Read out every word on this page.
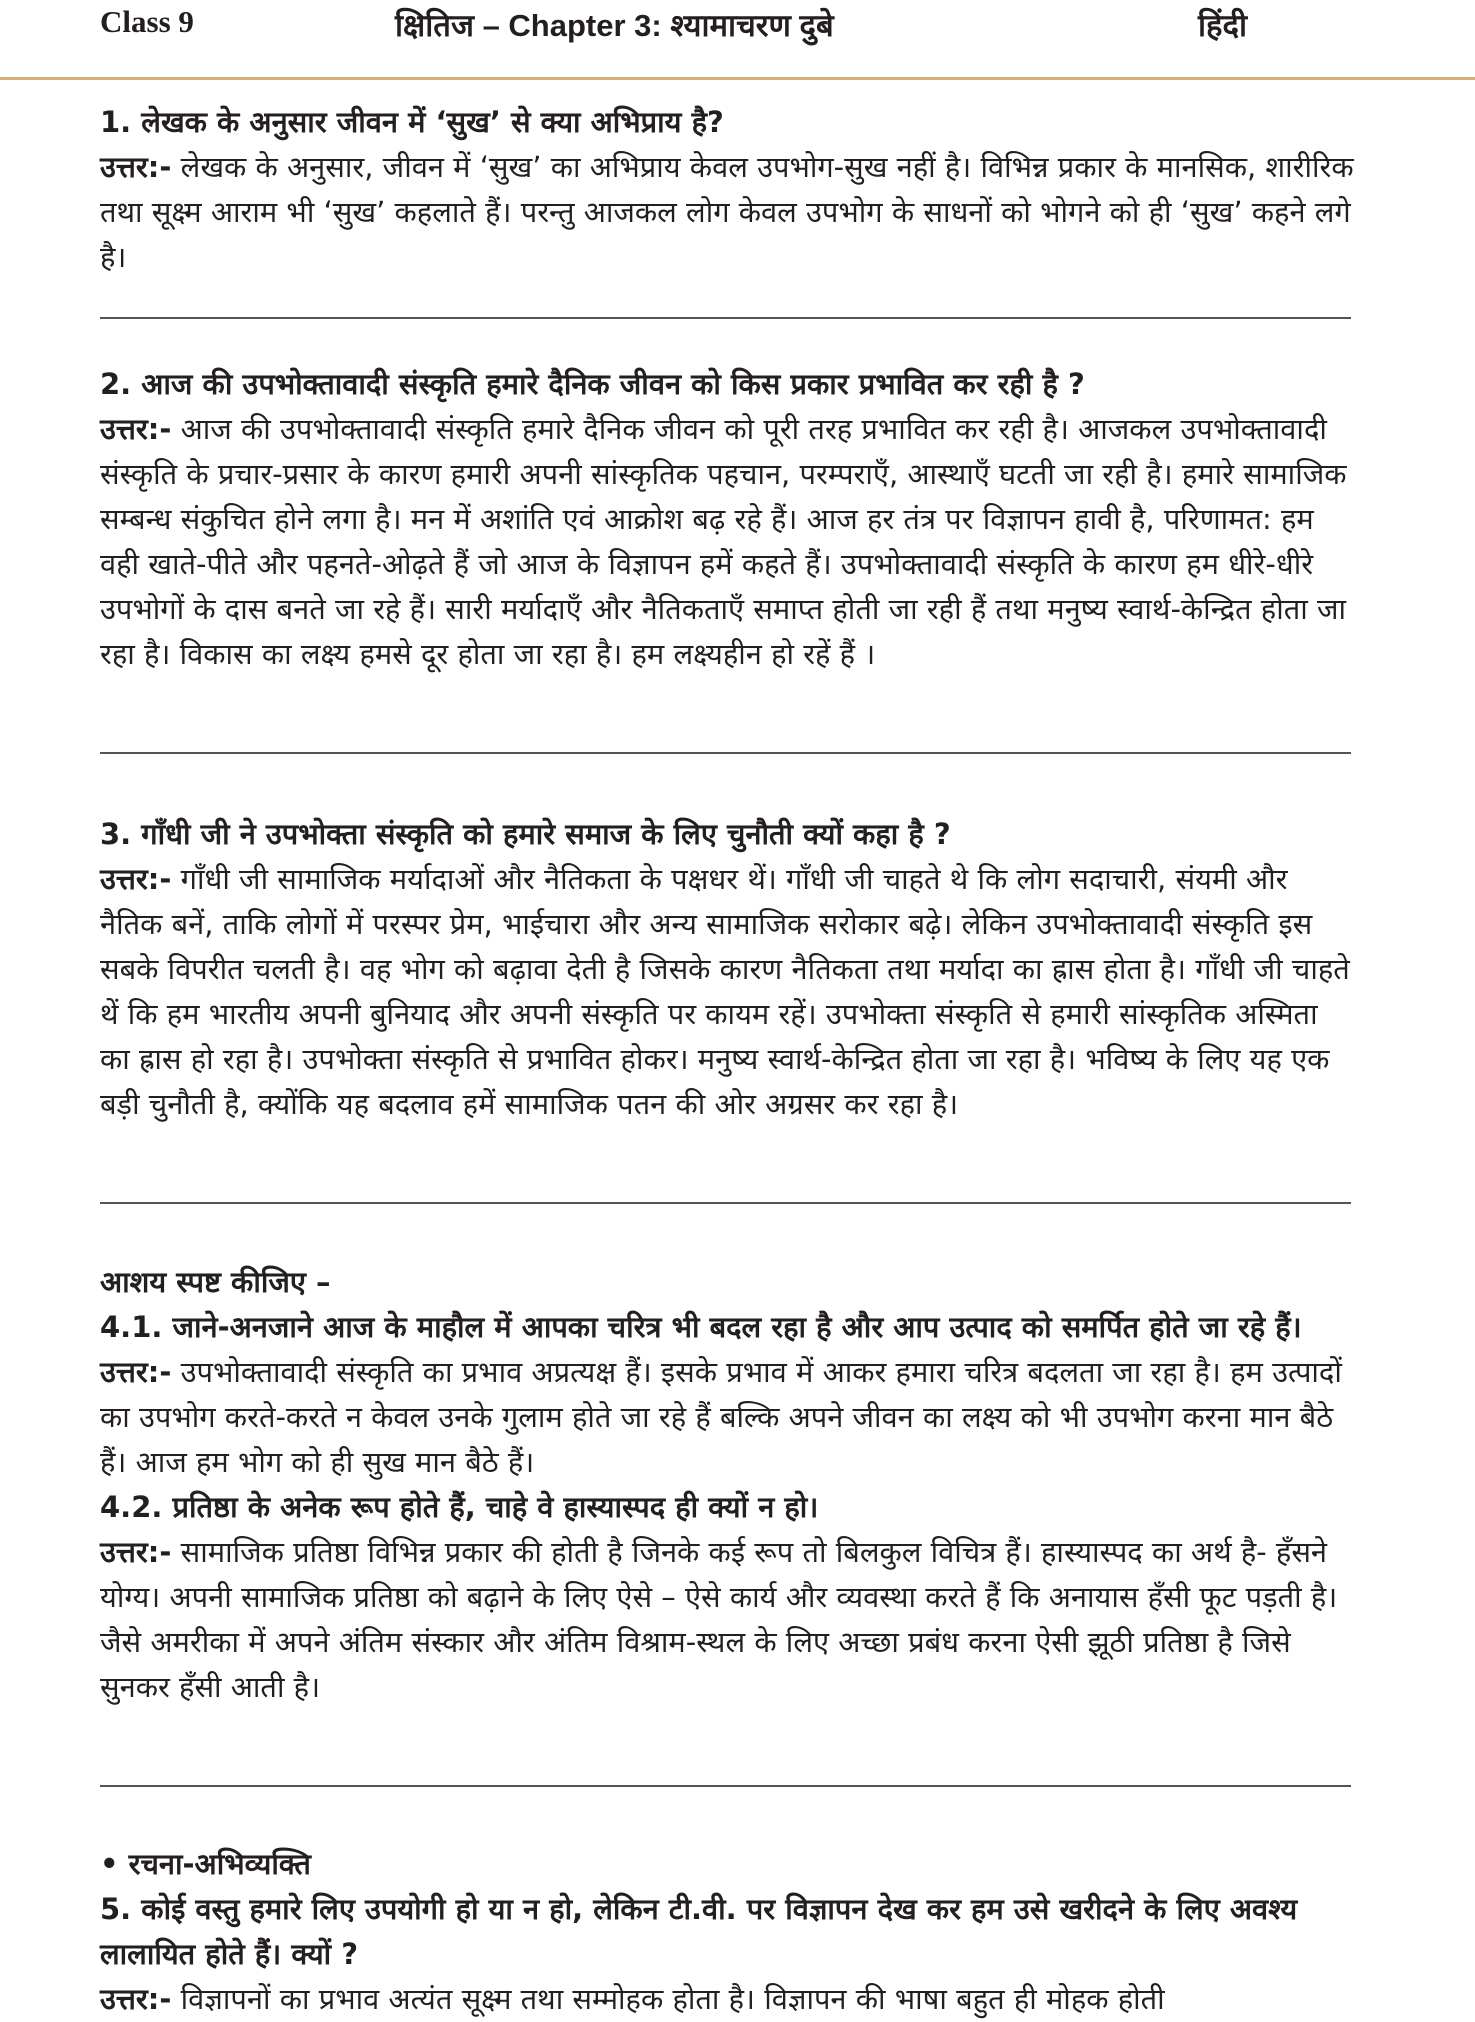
Class 9	क्षितिज – Chapter 3: श्यामाचरण दुबे	हिंदी

1. लेखक के अनुसार जीवन में ‘सुख’ से क्या अभिप्राय है?

उत्तर:- लेखक के अनुसार, जीवन में ‘सुख’ का अभिप्राय केवल उपभोग-सुख नहीं है। विभिन्न प्रकार के मानसिक, शारीरिक तथा सूक्ष्म आराम भी ‘सुख’ कहलाते हैं। परन्तु आजकल लोग केवल उपभोग के साधनों को भोगने को ही ‘सुख’ कहने लगे है।

2. आज की उपभोक्तावादी संस्कृति हमारे दैनिक जीवन को किस प्रकार प्रभावित कर रही है ?

उत्तर:- आज की उपभोक्तावादी संस्कृति हमारे दैनिक जीवन को पूरी तरह प्रभावित कर रही है। आजकल उपभोक्तावादी संस्कृति के प्रचार-प्रसार के कारण हमारी अपनी सांस्कृतिक पहचान, परम्पराएँ, आस्थाएँ घटती जा रही है। हमारे सामाजिक सम्बन्ध संकुचित होने लगा है। मन में अशांति एवं आक्रोश बढ़ रहे हैं। आज हर तंत्र पर विज्ञापन हावी है, परिणामत: हम वही खाते-पीते और पहनते-ओढ़ते हैं जो आज के विज्ञापन हमें कहते हैं। उपभोक्तावादी संस्कृति के कारण हम धीरे-धीरे उपभोगों के दास बनते जा रहे हैं। सारी मर्यादाएँ और नैतिकताएँ समाप्त होती जा रही हैं तथा मनुष्य स्वार्थ-केन्द्रित होता जा रहा है। विकास का लक्ष्य हमसे दूर होता जा रहा है। हम लक्ष्यहीन हो रहें हैं ।

3. गाँधी जी ने उपभोक्ता संस्कृति को हमारे समाज के लिए चुनौती क्यों कहा है ?

उत्तर:- गाँधी जी सामाजिक मर्यादाओं और नैतिकता के पक्षधर थें। गाँधी जी चाहते थे कि लोग सदाचारी, संयमी और नैतिक बनें, ताकि लोगों में परस्पर प्रेम, भाईचारा और अन्य सामाजिक सरोकार बढ़े। लेकिन उपभोक्तावादी संस्कृति इस सबके विपरीत चलती है। वह भोग को बढ़ावा देती है जिसके कारण नैतिकता तथा मर्यादा का ह्रास होता है। गाँधी जी चाहते थें कि हम भारतीय अपनी बुनियाद और अपनी संस्कृति पर कायम रहें। उपभोक्ता संस्कृति से हमारी सांस्कृतिक अस्मिता का ह्रास हो रहा है। उपभोक्ता संस्कृति से प्रभावित होकर। मनुष्य स्वार्थ-केन्द्रित होता जा रहा है। भविष्य के लिए यह एक बड़ी चुनौती है, क्योंकि यह बदलाव हमें सामाजिक पतन की ओर अग्रसर कर रहा है।

आशय स्पष्ट कीजिए –

4.1. जाने-अनजाने आज के माहौल में आपका चरित्र भी बदल रहा है और आप उत्पाद को समर्पित होते जा रहे हैं।

उत्तर:- उपभोक्तावादी संस्कृति का प्रभाव अप्रत्यक्ष हैं। इसके प्रभाव में आकर हमारा चरित्र बदलता जा रहा है। हम उत्पादों का उपभोग करते-करते न केवल उनके गुलाम होते जा रहे हैं बल्कि अपने जीवन का लक्ष्य को भी उपभोग करना मान बैठे हैं। आज हम भोग को ही सुख मान बैठे हैं।

4.2. प्रतिष्ठा के अनेक रूप होते हैं, चाहे वे हास्यास्पद ही क्यों न हो।

उत्तर:- सामाजिक प्रतिष्ठा विभिन्न प्रकार की होती है जिनके कई रूप तो बिलकुल विचित्र हैं। हास्यास्पद का अर्थ है- हँसने योग्य। अपनी सामाजिक प्रतिष्ठा को बढ़ाने के लिए ऐसे – ऐसे कार्य और व्यवस्था करते हैं कि अनायास हँसी फूट पड़ती है। जैसे अमरीका में अपने अंतिम संस्कार और अंतिम विश्राम-स्थल के लिए अच्छा प्रबंध करना ऐसी झूठी प्रतिष्ठा है जिसे सुनकर हँसी आती है।

• रचना-अभिव्यक्ति

5. कोई वस्तु हमारे लिए उपयोगी हो या न हो, लेकिन टी.वी. पर विज्ञापन देख कर हम उसे खरीदने के लिए अवश्य लालायित होते हैं। क्यों ?

उत्तर:- विज्ञापनों का प्रभाव अत्यंत सूक्ष्म तथा सम्मोहक होता है। विज्ञापन की भाषा बहुत ही मोहक होती
